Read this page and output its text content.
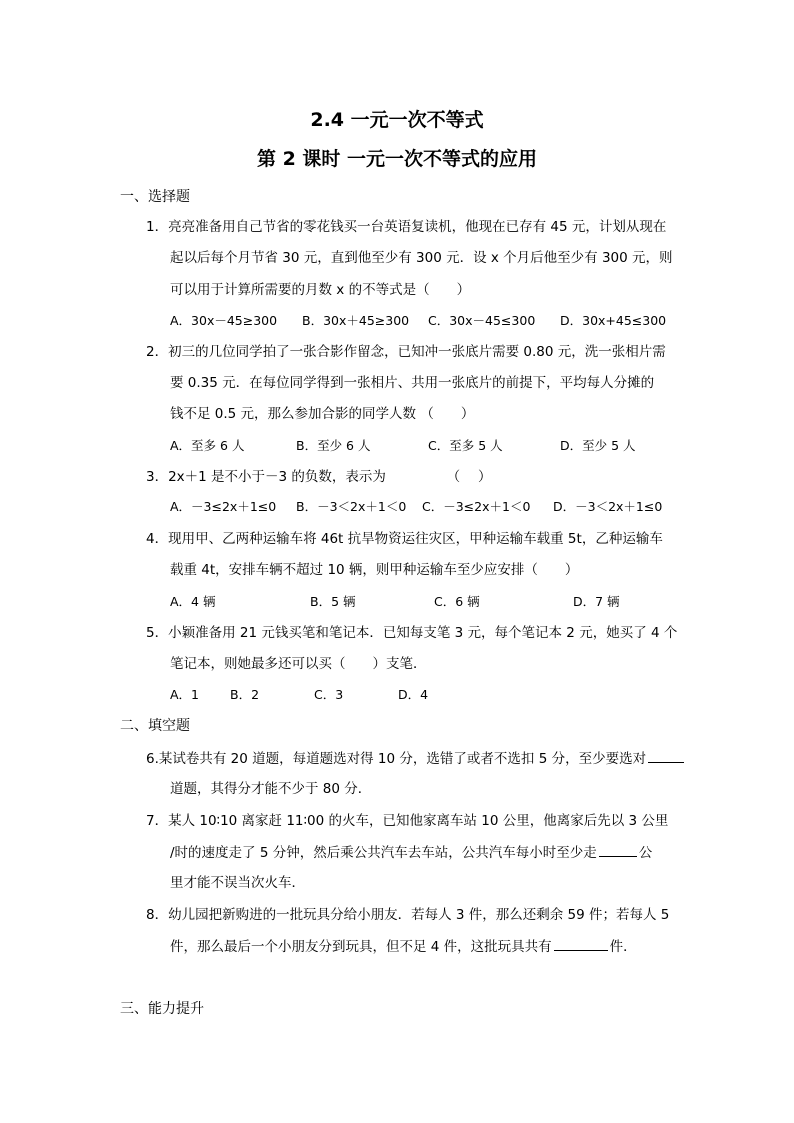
2.4 一元一次不等式
第 2 课时 一元一次不等式的应用
一、选择题
1．亮亮准备用自己节省的零花钱买一台英语复读机，他现在已存有 45 元，计划从现在
起以后每个月节省 30 元，直到他至少有 300 元．设 x 个月后他至少有 300 元，则
可以用于计算所需要的月数 x 的不等式是（　　）
A．30x－45≥300 B．30x＋45≥300 C．30x－45≤300 D．30x+45≤300
2．初三的几位同学拍了一张合影作留念，已知冲一张底片需要 0.80 元，洗一张相片需
要 0.35 元．在每位同学得到一张相片、共用一张底片的前提下，平均每人分摊的
钱不足 0.5 元，那么参加合影的同学人数 （　　）
A．至多 6 人	B．至少 6 人	C．至多 5 人	D．至少 5 人
3．2x＋1 是不小于－3 的负数，表示为　　　　　（　 ）
A．－3≤2x＋1≤0 B．－3＜2x＋1＜0 C．－3≤2x＋1＜0 D．－3＜2x＋1≤0
4．现用甲、乙两种运输车将 46t 抗旱物资运往灾区，甲种运输车载重 5t，乙种运输车
载重 4t，安排车辆不超过 10 辆，则甲种运输车至少应安排（　　）
A．4 辆	B．5 辆	C．6 辆	D．7 辆
5．小颖准备用 21 元钱买笔和笔记本．已知每支笔 3 元，每个笔记本 2 元，她买了 4 个
笔记本，则她最多还可以买（　　）支笔．
A．1 B．2	C．3	D．4
二、填空题
6.某试卷共有 20 道题，每道题选对得 10 分，选错了或者不选扣 5 分，至少要选对
道题，其得分才能不少于 80 分．
7．某人 10∶10 离家赶 11∶00 的火车，已知他家离车站 10 公里，他离家后先以 3 公里
/时的速度走了 5 分钟，然后乘公共汽车去车站，公共汽车每小时至少走	公
里才能不误当次火车．
8．幼儿园把新购进的一批玩具分给小朋友．若每人 3 件，那么还剩余 59 件；若每人 5
件，那么最后一个小朋友分到玩具，但不足 4 件，这批玩具共有	件．
三、能力提升
